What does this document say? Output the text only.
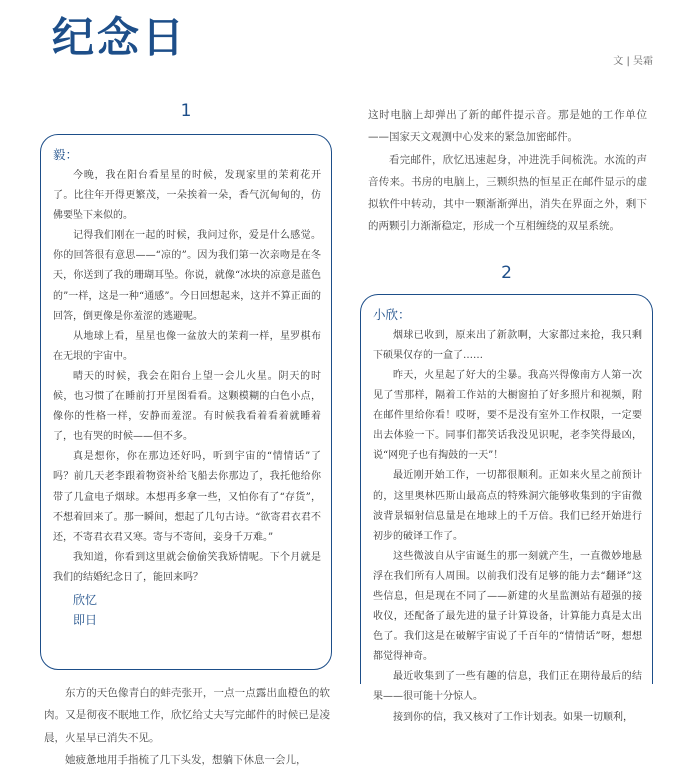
纪念日	文 | 吴霜
1
毅：

今晚，我在阳台看星星的时候，发现家里的茉莉花开了。比往年开得更繁茂，一朵挨着一朵，香气沉甸甸的，仿佛要坠下来似的。

记得我们刚在一起的时候，我问过你，爱是什么感觉。你的回答很有意思——“凉的”。因为我们第一次亲吻是在冬天，你送到了我的珊瑚耳坠。你说，就像“冰块的凉意是蓝色的”一样，这是一种“通感”。今日回想起来，这并不算正面的回答，倒更像是你羞涩的逃避呢。

从地球上看，星星也像一盆放大的茉莉一样，星罗棋布在无垠的宇宙中。

晴天的时候，我会在阳台上望一会儿火星。阴天的时候，也习惯了在睡前打开星图看看。这颗模糊的白色小点，像你的性格一样，安静而羞涩。有时候我看着看着就睡着了，也有哭的时候——但不多。

真是想你，你在那边还好吗，听到宇宙的“情情话”了吗？前几天老李跟着物资补给飞船去你那边了，我托他给你带了几盒电子烟球。本想再多拿一些，又怕你有了“存货”，不想着回来了。那一瞬间，想起了几句古诗。“欲寄君衣君不还，不寄君衣君又寒。寄与不寄间，妾身千万难。”

我知道，你看到这里就会偷偷笑我矫情呢。下个月就是我们的结婚纪念日了，能回来吗？

欣忆
即日

东方的天色像青白的蚌壳张开，一点一点露出血橙色的软肉。又是彻夜不眠地工作，欣忆给丈夫写完邮件的时候已是凌晨，火星早已消失不见。

她疲惫地用手指梳了几下头发，想躺下休息一会儿，

这时电脑上却弹出了新的邮件提示音。那是她的工作单位——国家天文观测中心发来的紧急加密邮件。

看完邮件，欣忆迅速起身，冲进洗手间梳洗。水流的声音传来。书房的电脑上，三颗织热的恒星正在邮件显示的虚拟软件中转动，其中一颗渐渐弹出，消失在界面之外，剩下的两颗引力渐渐稳定，形成一个互相缠绕的双星系统。

2
小欣：

烟球已收到，原来出了新款啊，大家都过来抢，我只剩下硕果仅存的一盒了……

昨天，火星起了好大的尘暴。我高兴得像南方人第一次见了雪那样，隔着工作站的大橱窗拍了好多照片和视频，附在邮件里给你看！哎呀，要不是没有室外工作权限，一定要出去体验一下。同事们都笑话我没见识呢，老李笑得最凶，说“网兜子也有掏鼓的一天”！

最近刚开始工作，一切都很顺利。正如来火星之前预计的，这里奥林匹斯山最高点的特殊洞穴能够收集到的宇宙微波背景辐射信息量是在地球上的千万倍。我们已经开始进行初步的破译工作了。

这些微波自从宇宙诞生的那一刻就产生，一直微妙地悬浮在我们所有人周围。以前我们没有足够的能力去“翻译”这些信息，但是现在不同了——新建的火星监测站有超强的接收仪，还配备了最先进的量子计算设备，计算能力真是太出色了。我们这是在破解宇宙说了千百年的“情情话”呀，想想都觉得神奇。

最近收集到了一些有趣的信息，我们正在期待最后的结果——很可能十分惊人。

接到你的信，我又核对了工作计划表。如果一切顺利，
